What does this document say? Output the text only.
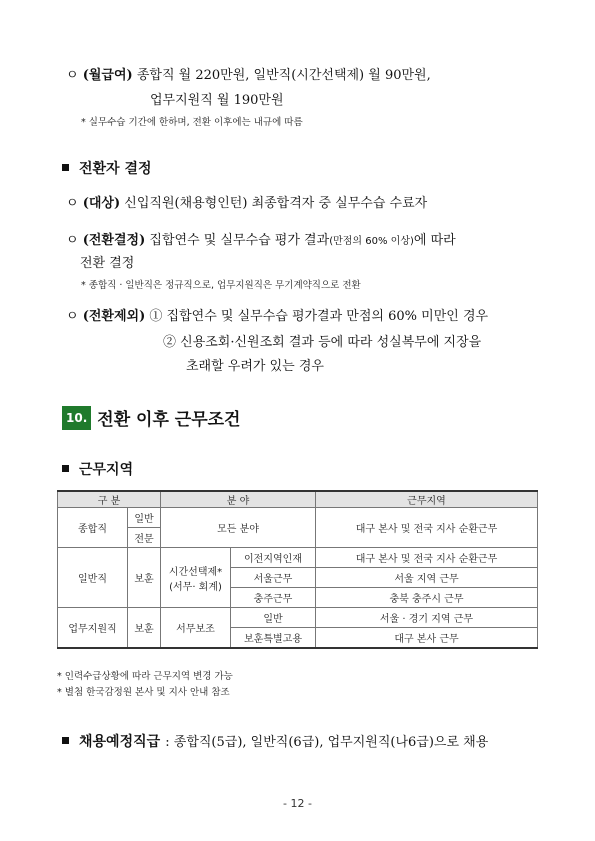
ㅇ (월급여) 종합직 월 220만원, 일반직(시간선택제) 월 90만원,
업무지원직 월 190만원
* 실무수습 기간에 한하며, 전환 이후에는 내규에 따름
전환자 결정
ㅇ (대상) 신입직원(채용형인턴) 최종합격자 중 실무수습 수료자
ㅇ (전환결정) 집합연수 및 실무수습 평가 결과(만점의 60% 이상)에 따라
전환 결정
* 종합직 · 일반직은 정규직으로, 업무지원직은 무기계약직으로 전환
ㅇ (전환제외) ① 집합연수 및 실무수습 평가결과 만점의 60% 미만인 경우
② 신용조회·신원조회 결과 등에 따라 성실복무에 지장을
초래할 우려가 있는 경우
10. 전환 이후 근무조건
근무지역
구 분		분 야		근무지역
종합직	일반	모든 분야		대구 본사 및 전국 지사 순환근무
	전문			
일반직	보훈	시간선택제*
(서무· 회계)	이전지역인재	대구 본사 및 전국 지사 순환근무
			서울근무	서울 지역 근무
			충주근무	충북 충주시 근무
업무지원직	보훈	서무보조	일반	서울 · 경기 지역 근무
			보훈특별고용	대구 본사 근무
* 인력수급상황에 따라 근무지역 변경 가능
* 별첨 한국감정원 본사 및 지사 안내 참조
채용예정직급 : 종합직(5급), 일반직(6급), 업무지원직(나6급)으로 채용
- 12 -
